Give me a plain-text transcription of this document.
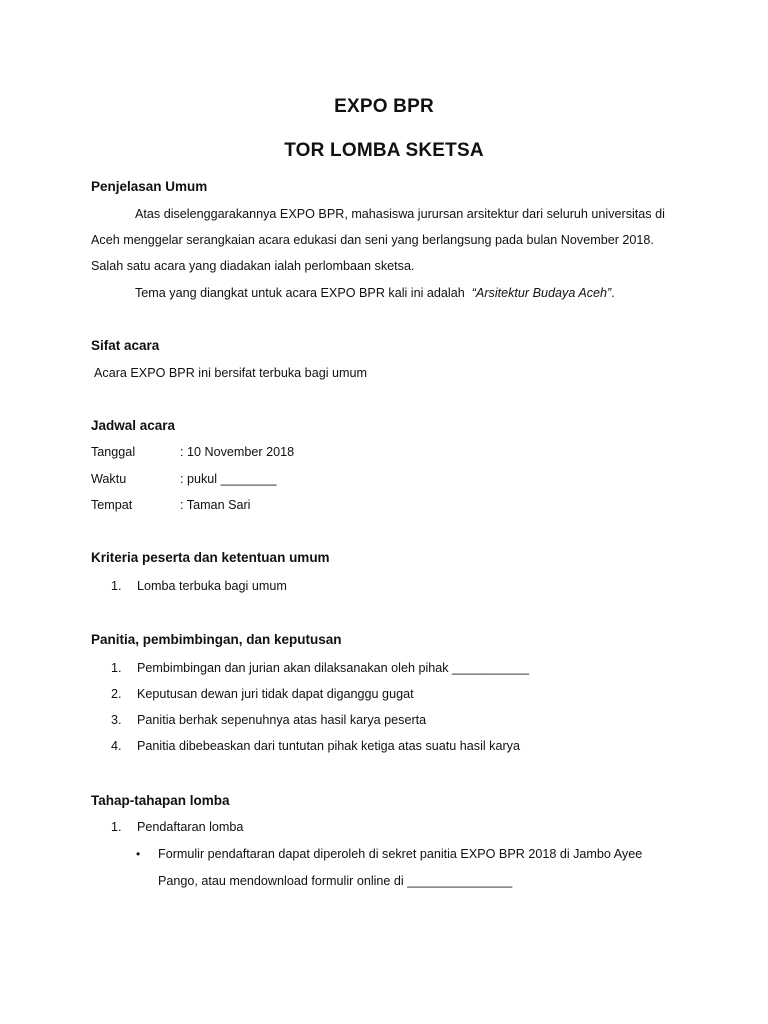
EXPO BPR
TOR LOMBA SKETSA
Penjelasan Umum
Atas diselenggarakannya EXPO BPR, mahasiswa jurursan arsitektur dari seluruh universitas di
Aceh menggelar serangkaian acara edukasi dan seni yang berlangsung pada bulan November 2018.
Salah satu acara yang diadakan ialah perlombaan sketsa.
Tema yang diangkat untuk acara EXPO BPR kali ini adalah “Arsitektur Budaya Aceh”.
Sifat acara
Acara EXPO BPR ini bersifat terbuka bagi umum
Jadwal acara
Tanggal	: 10 November 2018
Waktu	: pukul ________
Tempat	: Taman Sari
Kriteria peserta dan ketentuan umum
1. Lomba terbuka bagi umum
Panitia, pembimbingan, dan keputusan
1. Pembimbingan dan jurian akan dilaksanakan oleh pihak ___________
2. Keputusan dewan juri tidak dapat diganggu gugat
3. Panitia berhak sepenuhnya atas hasil karya peserta
4. Panitia dibebeaskan dari tuntutan pihak ketiga atas suatu hasil karya
Tahap-tahapan lomba
1. Pendaftaran lomba
• Formulir pendaftaran dapat diperoleh di sekret panitia EXPO BPR 2018 di Jambo Ayee
Pango, atau mendownload formulir online di _______________
